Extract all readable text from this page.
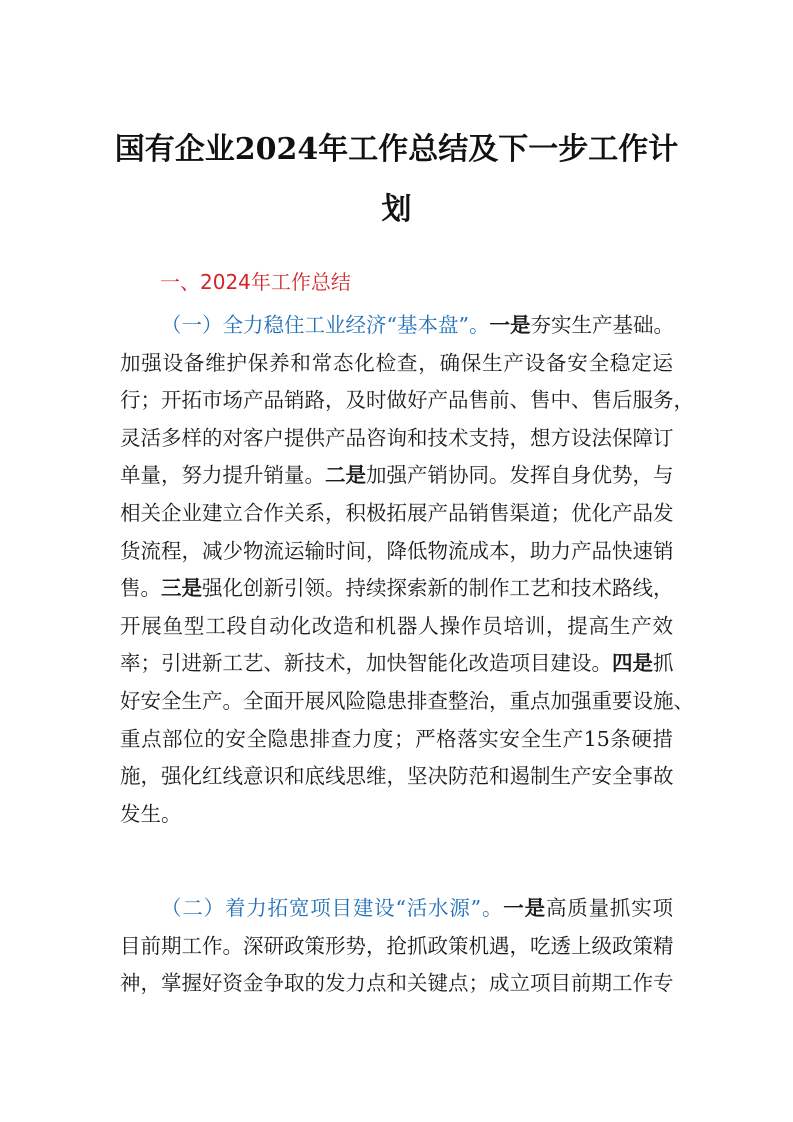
国有企业2024年工作总结及下一步工作计
划
一、2024年工作总结
（一）全力稳住工业经济“基本盘”。一是夯实生产基础。
加强设备维护保养和常态化检查，确保生产设备安全稳定运
行；开拓市场产品销路，及时做好产品售前、售中、售后服务，
灵活多样的对客户提供产品咨询和技术支持，想方设法保障订
单量，努力提升销量。二是加强产销协同。发挥自身优势，与
相关企业建立合作关系，积极拓展产品销售渠道；优化产品发
货流程，减少物流运输时间，降低物流成本，助力产品快速销
售。三是强化创新引领。持续探索新的制作工艺和技术路线，
开展鱼型工段自动化改造和机器人操作员培训，提高生产效
率；引进新工艺、新技术，加快智能化改造项目建设。四是抓
好安全生产。全面开展风险隐患排查整治，重点加强重要设施、
重点部位的安全隐患排查力度；严格落实安全生产15条硬措
施，强化红线意识和底线思维，坚决防范和遏制生产安全事故
发生。
（二）着力拓宽项目建设“活水源”。一是高质量抓实项
目前期工作。深研政策形势，抢抓政策机遇，吃透上级政策精
神，掌握好资金争取的发力点和关键点；成立项目前期工作专
